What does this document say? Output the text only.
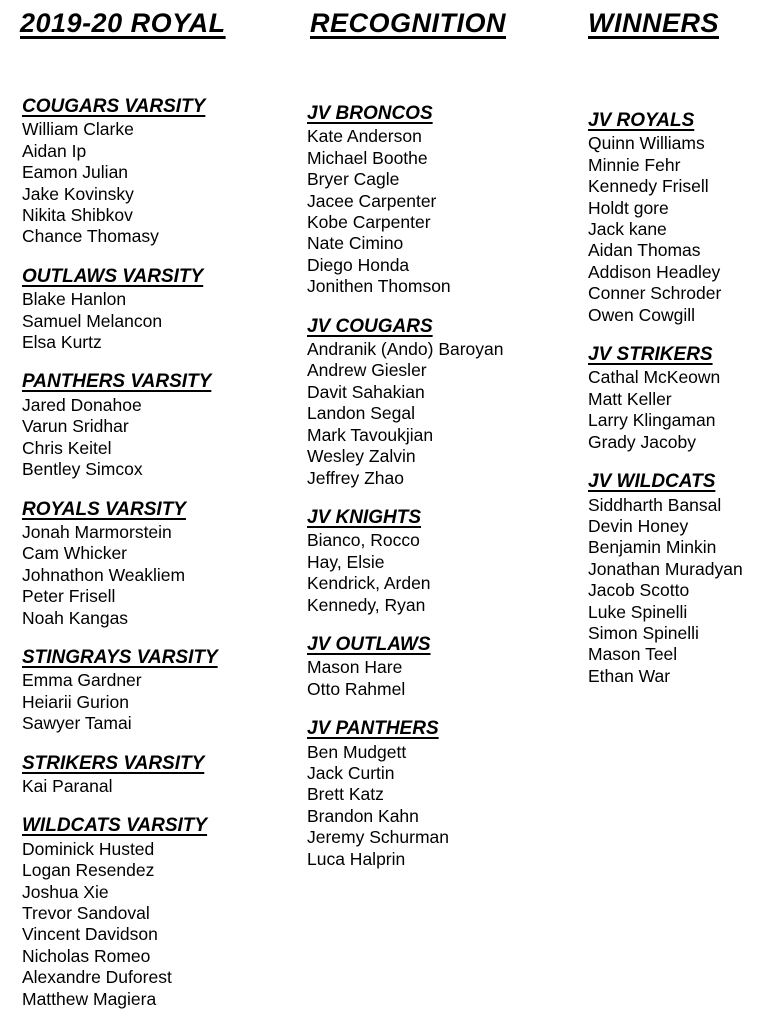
2019-20 ROYAL	RECOGNITION	WINNERS
COUGARS VARSITY
William Clarke
Aidan Ip
Eamon Julian
Jake Kovinsky
Nikita Shibkov
Chance Thomasy
OUTLAWS VARSITY
Blake Hanlon
Samuel Melancon
Elsa Kurtz
PANTHERS VARSITY
Jared Donahoe
Varun Sridhar
Chris Keitel
Bentley Simcox
ROYALS VARSITY
Jonah Marmorstein
Cam Whicker
Johnathon Weakliem
Peter Frisell
Noah Kangas
STINGRAYS VARSITY
Emma Gardner
Heiarii Gurion
Sawyer Tamai
STRIKERS VARSITY
Kai Paranal
WILDCATS VARSITY
Dominick Husted
Logan Resendez
Joshua Xie
Trevor Sandoval
Vincent Davidson
Nicholas Romeo
Alexandre Duforest
Matthew Magiera
JV BRONCOS
Kate Anderson
Michael Boothe
Bryer Cagle
Jacee Carpenter
Kobe Carpenter
Nate Cimino
Diego Honda
Jonithen Thomson
JV COUGARS
Andranik (Ando) Baroyan
Andrew Giesler
Davit Sahakian
Landon Segal
Mark Tavoukjian
Wesley Zalvin
Jeffrey Zhao
JV KNIGHTS
Bianco, Rocco
Hay, Elsie
Kendrick, Arden
Kennedy, Ryan
JV OUTLAWS
Mason Hare
Otto Rahmel
JV PANTHERS
Ben Mudgett
Jack Curtin
Brett Katz
Brandon Kahn
Jeremy Schurman
Luca Halprin
JV ROYALS
Quinn Williams
Minnie Fehr
Kennedy Frisell
Holdt gore
Jack kane
Aidan Thomas
Addison Headley
Conner Schroder
Owen Cowgill
JV STRIKERS
Cathal McKeown
Matt Keller
Larry Klingaman
Grady Jacoby
JV WILDCATS
Siddharth Bansal
Devin Honey
Benjamin Minkin
Jonathan Muradyan
Jacob Scotto
Luke Spinelli
Simon Spinelli
Mason Teel
Ethan War
